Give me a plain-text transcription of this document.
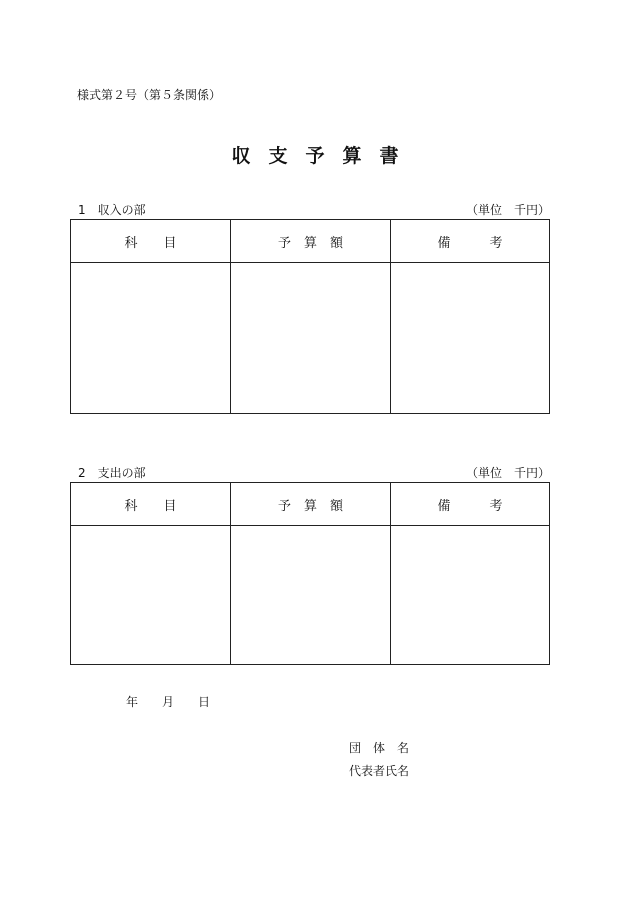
様式第２号（第５条関係）
収支予算書
1　収入の部	（単位　千円）
科　　目	予　算　額	備　　　考

2　支出の部	（単位　千円）
科　　目	予　算　額	備　　　考

年　　月　　日
団　体　名
代表者氏名
